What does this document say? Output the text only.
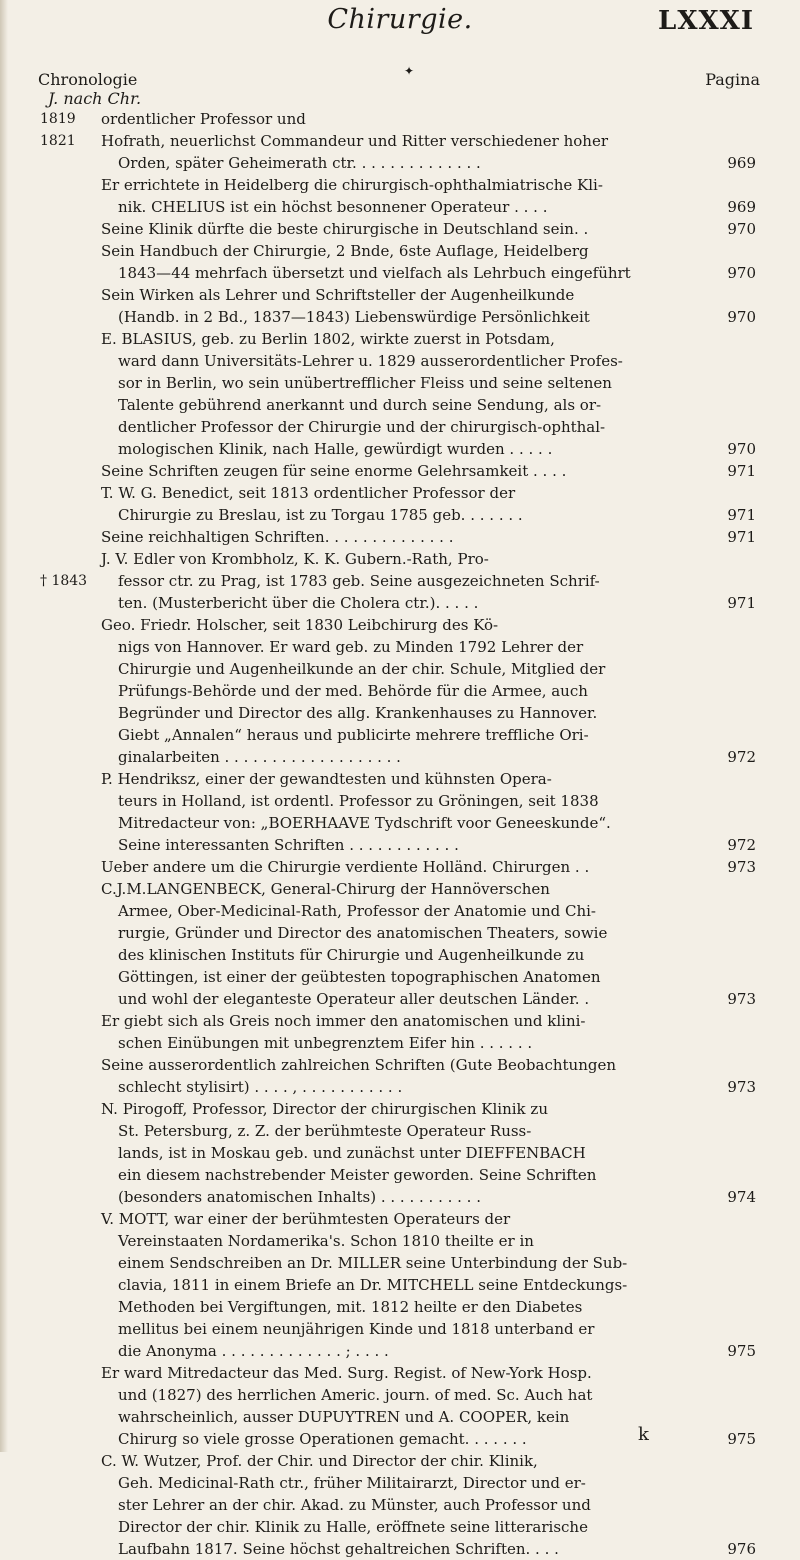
Chirurgie.	LXXXI
✦
Chronologie
J. nach Chr.
Pagina
1819 ordentlicher Professor und
1821 Hofrath, neuerlichst Commandeur und Ritter verschiedener hoher
Orden, später Geheimerath ctr. . . . . . . . . . . . . .	969
Er errichtete in Heidelberg die chirurgisch-ophthalmiatrische Kli-
nik. CHELIUS ist ein höchst besonnener Operateur . . . .	969
Seine Klinik dürfte die beste chirurgische in Deutschland sein. .	970
Sein Handbuch der Chirurgie, 2 Bnde, 6ste Auflage, Heidelberg
1843—44 mehrfach übersetzt und vielfach als Lehrbuch eingeführt	970
Sein Wirken als Lehrer und Schriftsteller der Augenheilkunde
(Handb. in 2 Bd., 1837—1843) Liebenswürdige Persönlichkeit	970
E. BLASIUS, geb. zu Berlin 1802, wirkte zuerst in Potsdam,
ward dann Universitäts-Lehrer u. 1829 ausserordentlicher Profes-
sor in Berlin, wo sein unübertrefflicher Fleiss und seine seltenen
Talente gebührend anerkannt und durch seine Sendung, als or-
dentlicher Professor der Chirurgie und der chirurgisch-ophthal-
mologischen Klinik, nach Halle, gewürdigt wurden . . . . .	970
Seine Schriften zeugen für seine enorme Gelehrsamkeit . . . .	971
T. W. G. Benedict, seit 1813 ordentlicher Professor der
Chirurgie zu Breslau, ist zu Torgau 1785 geb. . . . . . .	971
Seine reichhaltigen Schriften. . . . . . . . . . . . . .	971
J. V. Edler von Krombholz, K. K. Gubern.-Rath, Pro-
† 1843 fessor ctr. zu Prag, ist 1783 geb. Seine ausgezeichneten Schrif-
ten. (Musterbericht über die Cholera ctr.). . . . .	971
Geo. Friedr. Holscher, seit 1830 Leibchirurg des Kö-
nigs von Hannover. Er ward geb. zu Minden 1792 Lehrer der
Chirurgie und Augenheilkunde an der chir. Schule, Mitglied der
Prüfungs-Behörde und der med. Behörde für die Armee, auch
Begründer und Director des allg. Krankenhauses zu Hannover.
Giebt „Annalen“ heraus und publicirte mehrere treffliche Ori-
ginalarbeiten . . . . . . . . . . . . . . . . . . .	972
P. Hendriksz, einer der gewandtesten und kühnsten Opera-
teurs in Holland, ist ordentl. Professor zu Gröningen, seit 1838
Mitredacteur von: „BOERHAAVE Tydschrift voor Geneeskunde“.
Seine interessanten Schriften . . . . . . . . . . . .	972
Ueber andere um die Chirurgie verdiente Holländ. Chirurgen . .	973
C.J.M.LANGENBECK, General-Chirurg der Hannöverschen
Armee, Ober-Medicinal-Rath, Professor der Anatomie und Chi-
rurgie, Gründer und Director des anatomischen Theaters, sowie
des klinischen Instituts für Chirurgie und Augenheilkunde zu
Göttingen, ist einer der geübtesten topographischen Anatomen
und wohl der eleganteste Operateur aller deutschen Länder. .	973
Er giebt sich als Greis noch immer den anatomischen und klini-
schen Einübungen mit unbegrenztem Eifer hin . . . . . .
Seine ausserordentlich zahlreichen Schriften (Gute Beobachtungen
schlecht stylisirt) . . . . , . . . . . . . . . . .	973
N. Pirogoff, Professor, Director der chirurgischen Klinik zu
St. Petersburg, z. Z. der berühmteste Operateur Russ-
lands, ist in Moskau geb. und zunächst unter DIEFFENBACH
ein diesem nachstrebender Meister geworden. Seine Schriften
(besonders anatomischen Inhalts) . . . . . . . . . . .	974
V. MOTT, war einer der berühmtesten Operateurs der
Vereinstaaten Nordamerika's. Schon 1810 theilte er in
einem Sendschreiben an Dr. MILLER seine Unterbindung der Sub-
clavia, 1811 in einem Briefe an Dr. MITCHELL seine Entdeckungs-
Methoden bei Vergiftungen, mit. 1812 heilte er den Diabetes
mellitus bei einem neunjährigen Kinde und 1818 unterband er
die Anonyma . . . . . . . . . . . . . ; . . . .	975
Er ward Mitredacteur das Med. Surg. Regist. of New-York Hosp.
und (1827) des herrlichen Americ. journ. of med. Sc. Auch hat
wahrscheinlich, ausser DUPUYTREN und A. COOPER, kein
Chirurg so viele grosse Operationen gemacht. . . . . . .	975
C. W. Wutzer, Prof. der Chir. und Director der chir. Klinik,
Geh. Medicinal-Rath ctr., früher Militairarzt, Director und er-
ster Lehrer an der chir. Akad. zu Münster, auch Professor und
Director der chir. Klinik zu Halle, eröffnete seine litterarische
Laufbahn 1817. Seine höchst gehaltreichen Schriften. . . .	976
k
